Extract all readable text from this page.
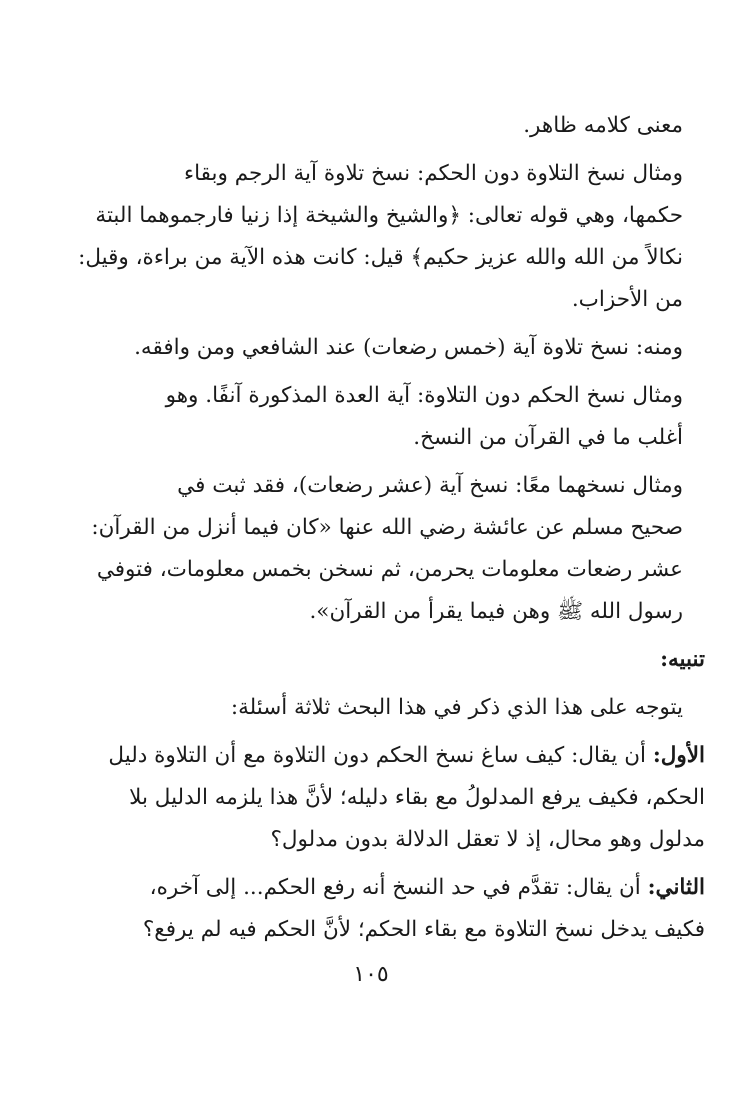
معنى كلامه ظاهر.

ومثال نسخ التلاوة دون الحكم: نسخ تلاوة آية الرجم وبقاء
حكمها، وهي قوله تعالى: ﴿والشيخ والشيخة إذا زنيا فارجموهما البتة
نكالاً من الله والله عزيز حكيم﴾ قيل: كانت هذه الآية من براءة، وقيل:
من الأحزاب.

ومنه: نسخ تلاوة آية (خمس رضعات) عند الشافعي ومن وافقه.

ومثال نسخ الحكم دون التلاوة: آية العدة المذكورة آنفًا. وهو
أغلب ما في القرآن من النسخ.

ومثال نسخهما معًا: نسخ آية (عشر رضعات)، فقد ثبت في
صحيح مسلم عن عائشة رضي الله عنها «كان فيما أنزل من القرآن:
عشر رضعات معلومات يحرمن، ثم نسخن بخمس معلومات، فتوفي
رسول الله ﷺ وهن فيما يقرأ من القرآن».

تنبيه:

يتوجه على هذا الذي ذكر في هذا البحث ثلاثة أسئلة:

الأول: أن يقال: كيف ساغ نسخ الحكم دون التلاوة مع أن التلاوة دليل
الحكم، فكيف يرفع المدلولُ مع بقاء دليله؛ لأنَّ هذا يلزمه الدليل بلا
مدلول وهو محال، إذ لا تعقل الدلالة بدون مدلول؟

الثاني: أن يقال: تقدَّم في حد النسخ أنه رفع الحكم... إلى آخره،
فكيف يدخل نسخ التلاوة مع بقاء الحكم؛ لأنَّ الحكم فيه لم يرفع؟

١٠٥
